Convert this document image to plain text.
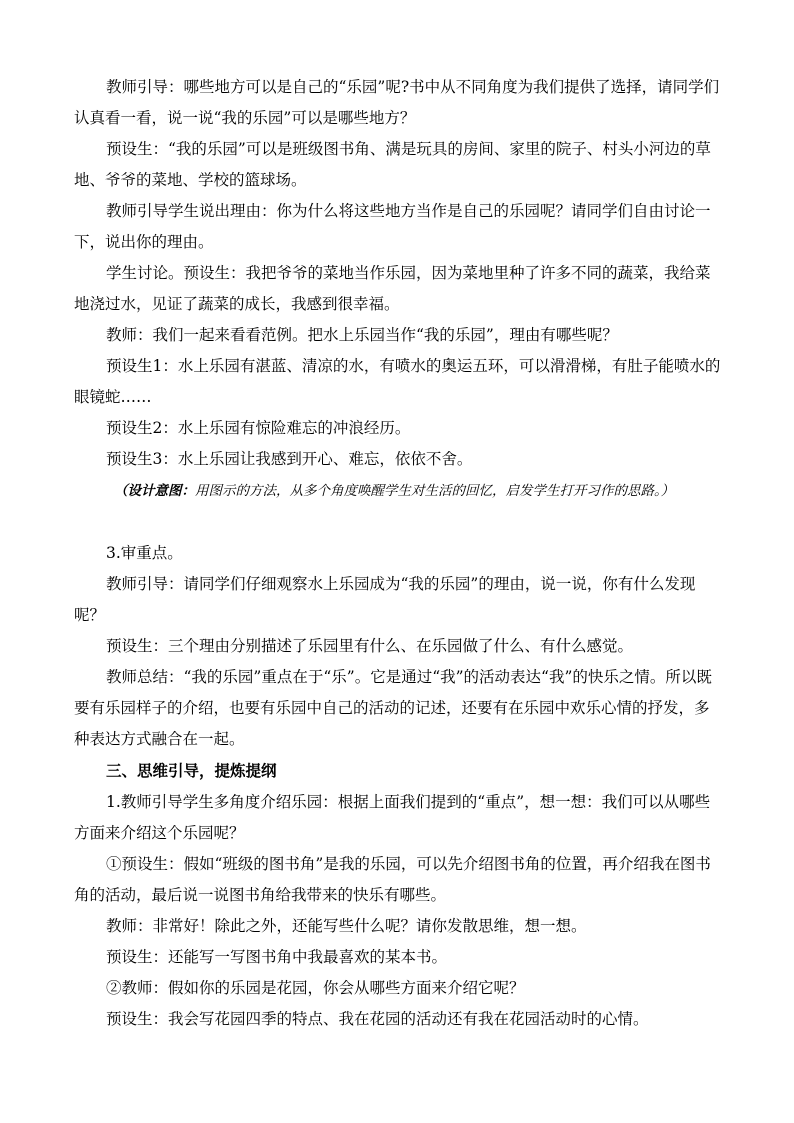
教师引导：哪些地方可以是自己的“乐园”呢?书中从不同角度为我们提供了选择，请同学们认真看一看，说一说“我的乐园”可以是哪些地方？

预设生：“我的乐园”可以是班级图书角、满是玩具的房间、家里的院子、村头小河边的草地、爷爷的菜地、学校的篮球场。

教师引导学生说出理由：你为什么将这些地方当作是自己的乐园呢？请同学们自由讨论一下，说出你的理由。

学生讨论。预设生：我把爷爷的菜地当作乐园，因为菜地里种了许多不同的蔬菜，我给菜地浇过水，见证了蔬菜的成长，我感到很幸福。

教师：我们一起来看看范例。把水上乐园当作“我的乐园”，理由有哪些呢？

预设生1：水上乐园有湛蓝、清凉的水，有喷水的奥运五环，可以滑滑梯，有肚子能喷水的眼镜蛇……

预设生2：水上乐园有惊险难忘的冲浪经历。

预设生3：水上乐园让我感到开心、难忘，依依不舍。

（设计意图：用图示的方法，从多个角度唤醒学生对生活的回忆，启发学生打开习作的思路。）

3.审重点。

教师引导：请同学们仔细观察水上乐园成为“我的乐园”的理由，说一说，你有什么发现呢？

预设生：三个理由分别描述了乐园里有什么、在乐园做了什么、有什么感觉。

教师总结：“我的乐园”重点在于“乐”。它是通过“我”的活动表达“我”的快乐之情。所以既要有乐园样子的介绍，也要有乐园中自己的活动的记述，还要有在乐园中欢乐心情的抒发，多种表达方式融合在一起。

三、思维引导，提炼提纲

1.教师引导学生多角度介绍乐园：根据上面我们提到的“重点”，想一想：我们可以从哪些方面来介绍这个乐园呢？

①预设生：假如“班级的图书角”是我的乐园，可以先介绍图书角的位置，再介绍我在图书角的活动，最后说一说图书角给我带来的快乐有哪些。

教师：非常好！除此之外，还能写些什么呢？请你发散思维，想一想。

预设生：还能写一写图书角中我最喜欢的某本书。

②教师：假如你的乐园是花园，你会从哪些方面来介绍它呢？

预设生：我会写花园四季的特点、我在花园的活动还有我在花园活动时的心情。
